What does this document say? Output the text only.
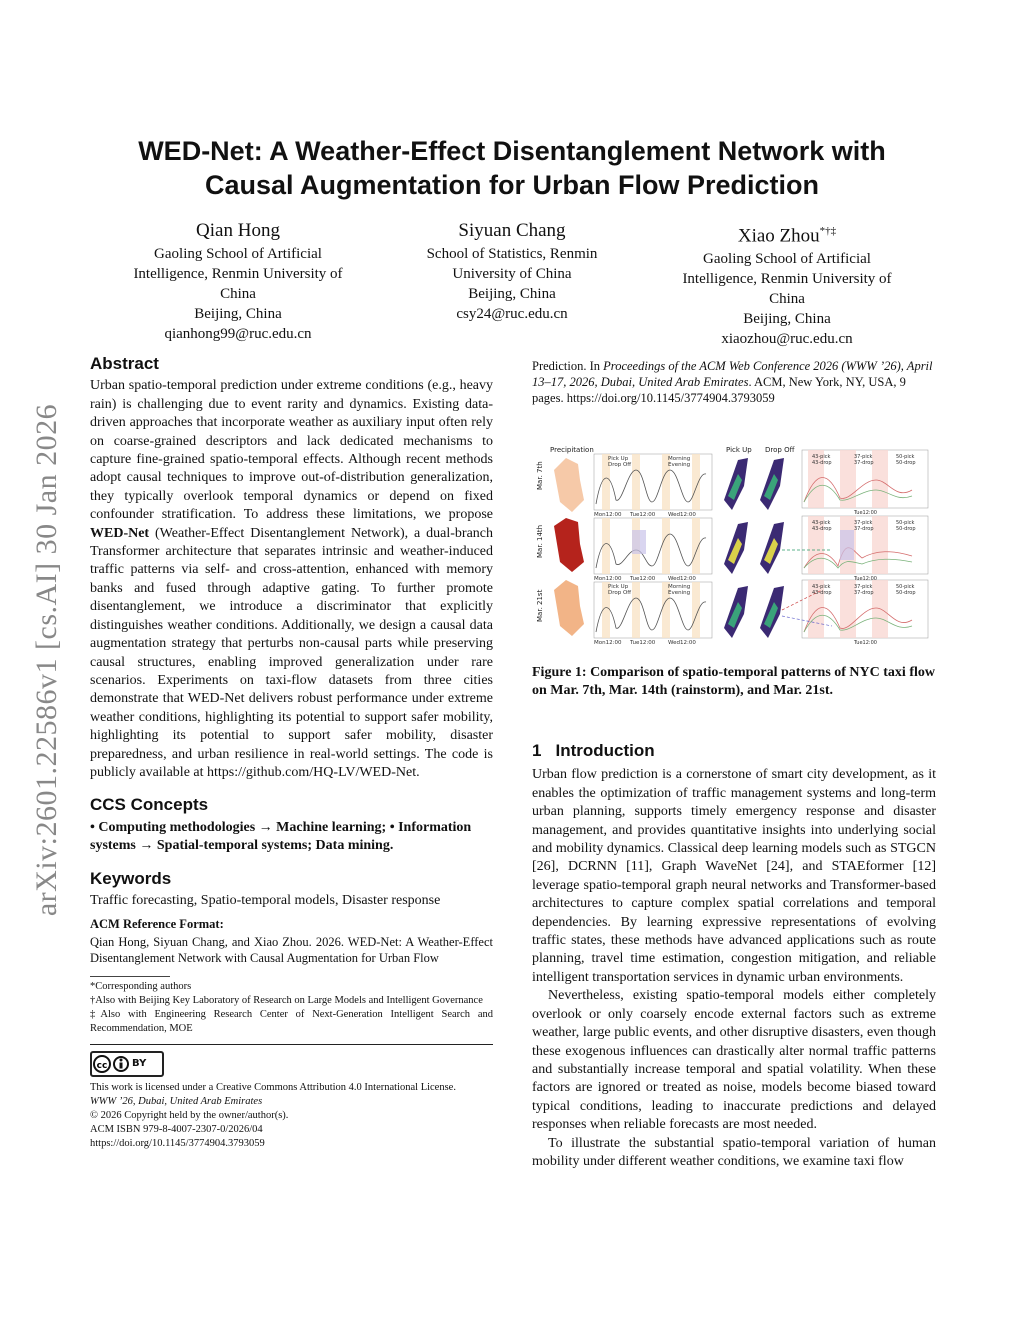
arXiv:2601.22586v1 [cs.AI] 30 Jan 2026
WED-Net: A Weather-Effect Disentanglement Network with
Causal Augmentation for Urban Flow Prediction
Qian Hong
Gaoling School of Artificial
Intelligence, Renmin University of
China
Beijing, China
qianhong99@ruc.edu.cn
Siyuan Chang
School of Statistics, Renmin
University of China
Beijing, China
csy24@ruc.edu.cn
Xiao Zhou*†‡
Gaoling School of Artificial
Intelligence, Renmin University of
China
Beijing, China
xiaozhou@ruc.edu.cn
Abstract
Urban spatio-temporal prediction under extreme conditions (e.g., heavy rain) is challenging due to event rarity and dynamics. Existing data-driven approaches that incorporate weather as auxiliary input often rely on coarse-grained descriptors and lack dedicated mechanisms to capture fine-grained spatio-temporal effects. Although recent methods adopt causal techniques to improve out-of-distribution generalization, they typically overlook temporal dynamics or depend on fixed confounder stratification. To address these limitations, we propose WED-Net (Weather-Effect Disentanglement Network), a dual-branch Transformer architecture that separates intrinsic and weather-induced traffic patterns via self- and cross-attention, enhanced with memory banks and fused through adaptive gating. To further promote disentanglement, we introduce a discriminator that explicitly distinguishes weather conditions. Additionally, we design a causal data augmentation strategy that perturbs non-causal parts while preserving causal structures, enabling improved generalization under rare scenarios. Experiments on taxi-flow datasets from three cities demonstrate that WED-Net delivers robust performance under extreme weather conditions, highlighting its potential to support safer mobility, highlighting its potential to support safer mobility, disaster preparedness, and urban resilience in real-world settings. The code is publicly available at https://github.com/HQ-LV/WED-Net.
CCS Concepts
• Computing methodologies → Machine learning; • Information systems → Spatial-temporal systems; Data mining.
Keywords
Traffic forecasting, Spatio-temporal models, Disaster response
ACM Reference Format:
Qian Hong, Siyuan Chang, and Xiao Zhou. 2026. WED-Net: A Weather-Effect Disentanglement Network with Causal Augmentation for Urban Flow
*Corresponding authors
†Also with Beijing Key Laboratory of Research on Large Models and Intelligent Governance
‡Also with Engineering Research Center of Next-Generation Intelligent Search and Recommendation, MOE
cc BY
This work is licensed under a Creative Commons Attribution 4.0 International License.
WWW ’26, Dubai, United Arab Emirates
© 2026 Copyright held by the owner/author(s).
ACM ISBN 979-8-4007-2307-0/2026/04
https://doi.org/10.1145/3774904.3793059
Prediction. In Proceedings of the ACM Web Conference 2026 (WWW ’26), April 13–17, 2026, Dubai, United Arab Emirates. ACM, New York, NY, USA, 9 pages. https://doi.org/10.1145/3774904.3793059
Mar. 7th
Mar. 14th
Mar. 21st
Precipitation	Pick Up Drop Off
Pick Up
Drop Off
Morning
Evening
Pick Up
Drop Off
Morning
Evening
Mon12:00 Tue12:00 Wed12:00
Mon12:00 Tue12:00 Wed12:00
Mon12:00 Tue12:00 Wed12:00
43-pick
43-drop
37-pick
37-drop
50-pick
50-drop
43-pick
43-drop
37-pick
37-drop
50-pick
50-drop
43-pick
43-drop
37-pick
37-drop
50-pick
50-drop
Tue12:00
Tue12:00
Tue12:00
Figure 1: Comparison of spatio-temporal patterns of NYC taxi flow on Mar. 7th, Mar. 14th (rainstorm), and Mar. 21st.
1 Introduction
Urban flow prediction is a cornerstone of smart city development, as it enables the optimization of traffic management systems and long-term urban planning, supports timely emergency response and disaster management, and provides quantitative insights into underlying social and mobility dynamics. Classical deep learning models such as STGCN [26], DCRNN [11], Graph WaveNet [24], and STAEformer [12] leverage spatio-temporal graph neural networks and Transformer-based architectures to capture complex spatial correlations and temporal dependencies. By learning expressive representations of evolving traffic states, these methods have advanced applications such as route planning, travel time estimation, congestion mitigation, and reliable intelligent transportation services in dynamic urban environments.
Nevertheless, existing spatio-temporal models either completely overlook or only coarsely encode external factors such as extreme weather, large public events, and other disruptive disasters, even though these exogenous influences can drastically alter normal traffic patterns and substantially increase temporal and spatial volatility. When these factors are ignored or treated as noise, models become biased toward typical conditions, leading to inaccurate predictions and delayed responses when reliable forecasts are most needed.
To illustrate the substantial spatio-temporal variation of human mobility under different weather conditions, we examine taxi flow
